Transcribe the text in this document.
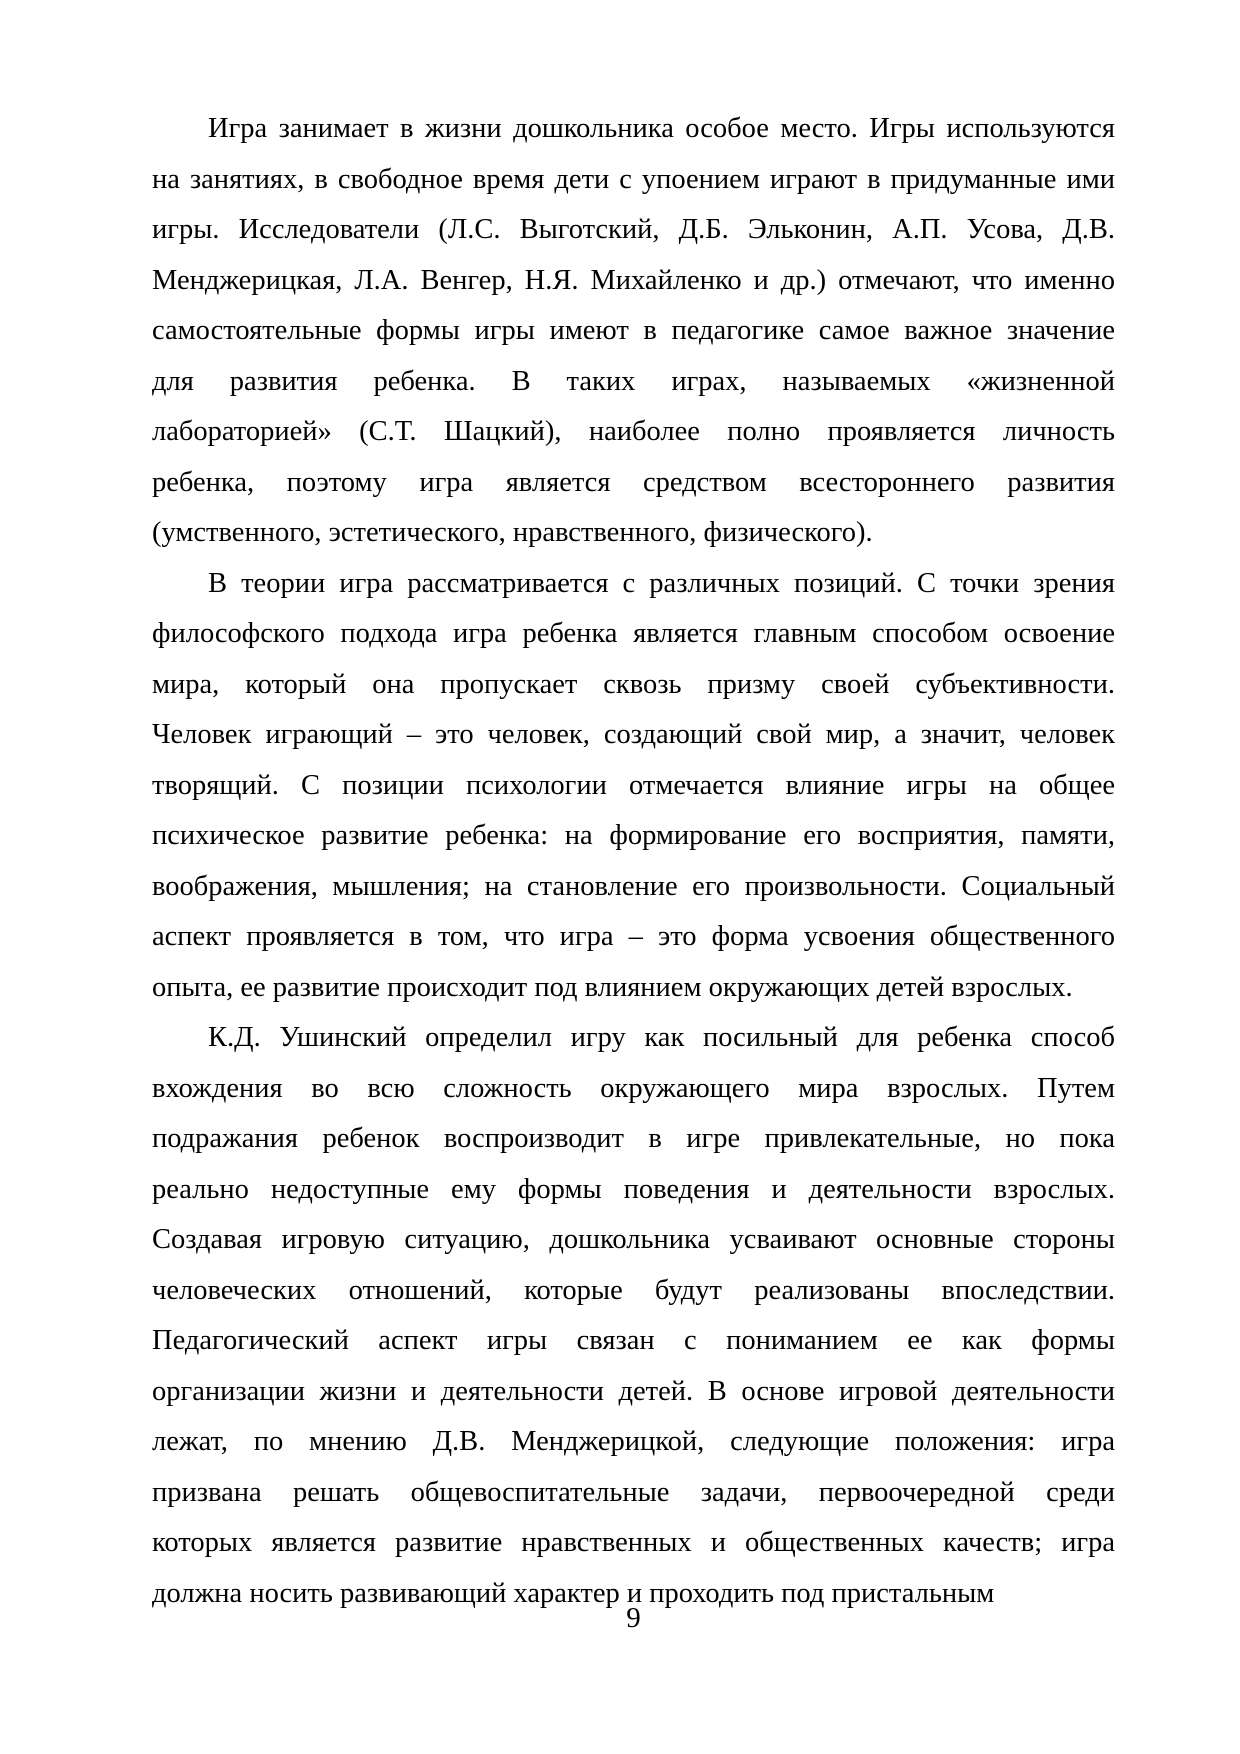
Игра занимает в жизни дошкольника особое место. Игры используются
на занятиях, в свободное время дети с упоением играют в придуманные ими
игры. Исследователи (Л.С. Выготский, Д.Б. Эльконин, А.П. Усова, Д.В.
Менджерицкая, Л.А. Венгер, Н.Я. Михайленко и др.) отмечают, что именно
самостоятельные формы игры имеют в педагогике самое важное значение
для развития ребенка. В таких играх, называемых «жизненной
лабораторией» (С.Т. Шацкий), наиболее полно проявляется личность
ребенка, поэтому игра является средством всестороннего развития
(умственного, эстетического, нравственного, физического).
В теории игра рассматривается с различных позиций. С точки зрения
философского подхода игра ребенка является главным способом освоение
мира, который она пропускает сквозь призму своей субъективности.
Человек играющий – это человек, создающий свой мир, а значит, человек
творящий. С позиции психологии отмечается влияние игры на общее
психическое развитие ребенка: на формирование его восприятия, памяти,
воображения, мышления; на становление его произвольности. Социальный
аспект проявляется в том, что игра – это форма усвоения общественного
опыта, ее развитие происходит под влиянием окружающих детей взрослых.
К.Д. Ушинский определил игру как посильный для ребенка способ
вхождения во всю сложность окружающего мира взрослых. Путем
подражания ребенок воспроизводит в игре привлекательные, но пока
реально недоступные ему формы поведения и деятельности взрослых.
Создавая игровую ситуацию, дошкольника усваивают основные стороны
человеческих отношений, которые будут реализованы впоследствии.
Педагогический аспект игры связан с пониманием ее как формы
организации жизни и деятельности детей. В основе игровой деятельности
лежат, по мнению Д.В. Менджерицкой, следующие положения: игра
призвана решать общевоспитательные задачи, первоочередной среди
которых является развитие нравственных и общественных качеств; игра
должна носить развивающий характер и проходить под пристальным
9
